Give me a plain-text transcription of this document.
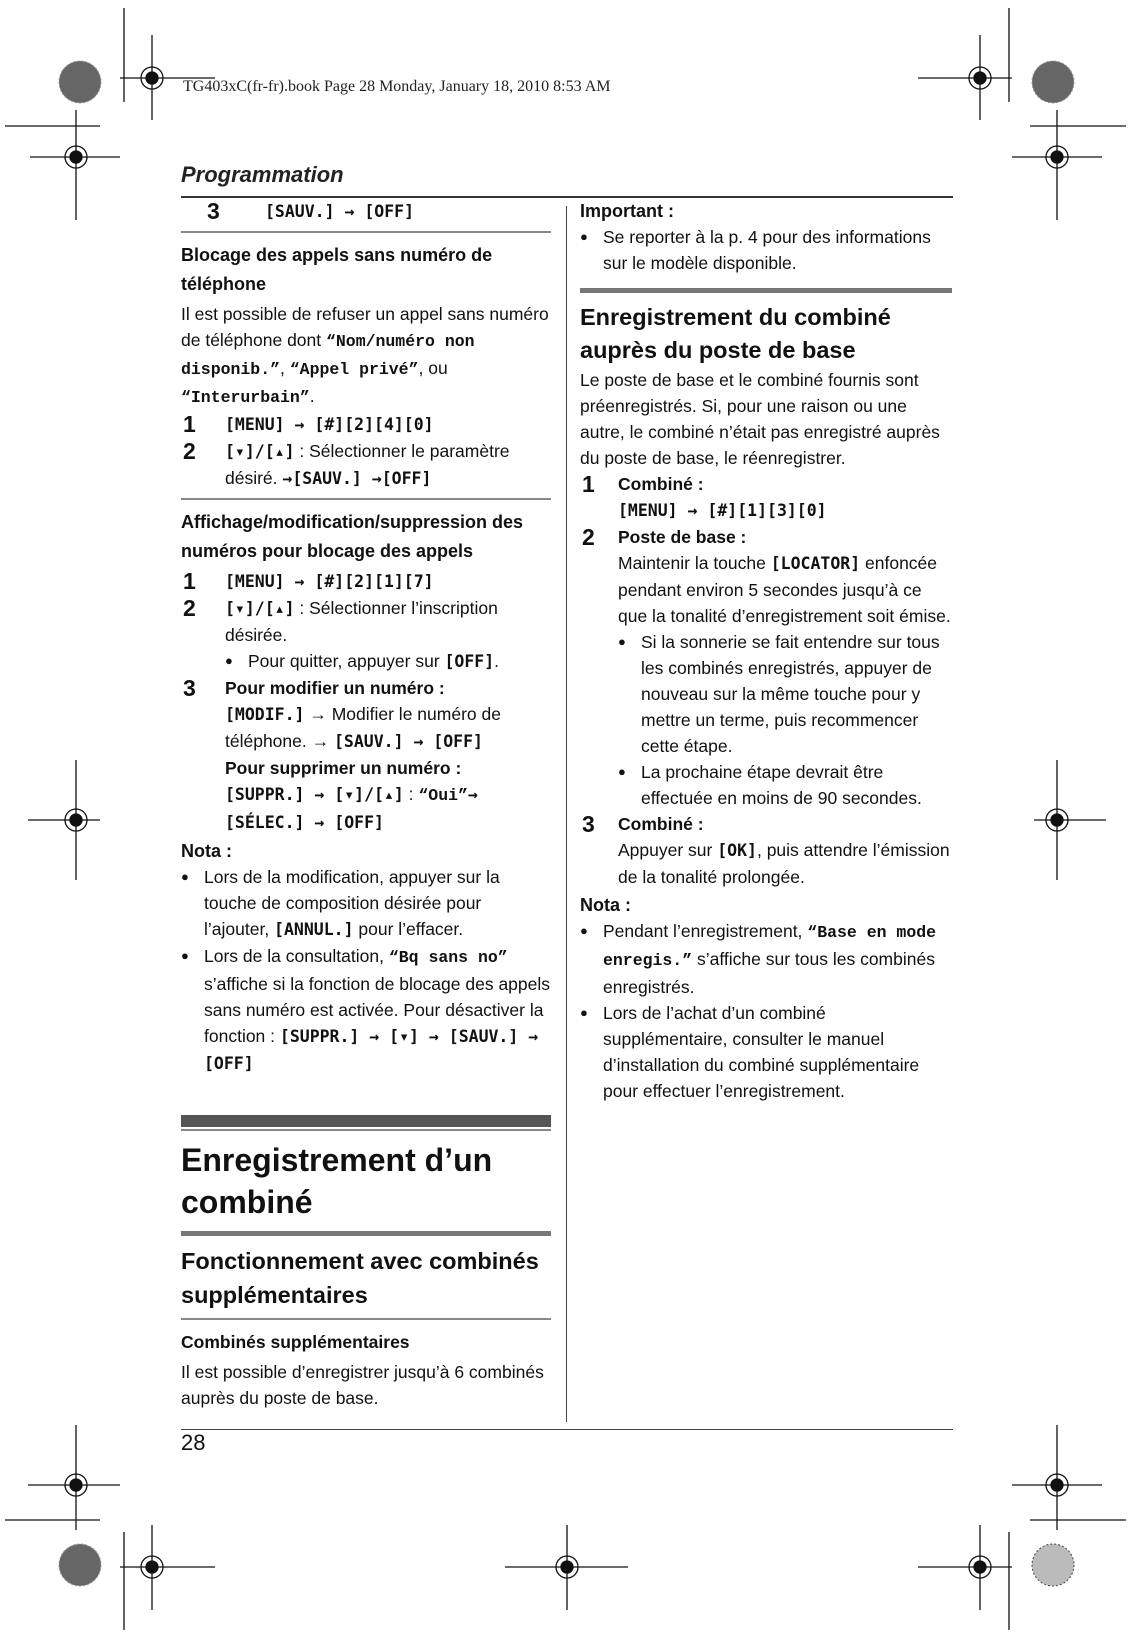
TG403xC(fr-fr).book Page 28 Monday, January 18, 2010 8:53 AM
Programmation
3	[SAUV.] → [OFF]
Blocage des appels sans numéro de téléphone

Il est possible de refuser un appel sans numéro de téléphone dont “Nom/numéro non disponib.”, “Appel privé”, ou “Interurbain”.

1	[MENU] → [#][2][4][0]
2	[▾]/[▴] : Sélectionner le paramètre désiré. →[SAUV.] →[OFF]
Affichage/modification/suppression des numéros pour blocage des appels
1	[MENU] → [#][2][1][7]
2	[▾]/[▴] : Sélectionner l’inscription désirée.
● Pour quitter, appuyer sur [OFF].
3	Pour modifier un numéro :
[MODIF.] → Modifier le numéro de téléphone. → [SAUV.] → [OFF]
Pour supprimer un numéro :
[SUPPR.] → [▾]/[▴] : “Oui”→ [SÉLEC.] → [OFF]
Nota :
● Lors de la modification, appuyer sur la touche de composition désirée pour l’ajouter, [ANNUL.] pour l’effacer.
● Lors de la consultation, “Bq sans no” s’affiche si la fonction de blocage des appels sans numéro est activée. Pour désactiver la fonction : [SUPPR.] → [▾] → [SAUV.] → [OFF]
Enregistrement d’un combiné
Fonctionnement avec combinés supplémentaires
Combinés supplémentaires

Il est possible d’enregistrer jusqu’à 6 combinés auprès du poste de base.

Important :
● Se reporter à la p. 4 pour des informations sur le modèle disponible.
Enregistrement du combiné auprès du poste de base

Le poste de base et le combiné fournis sont préenregistrés. Si, pour une raison ou une autre, le combiné n’était pas enregistré auprès du poste de base, le réenregistrer.

1	Combiné :
[MENU] → [#][1][3][0]
2	Poste de base :
Maintenir la touche [LOCATOR] enfoncée pendant environ 5 secondes jusqu’à ce que la tonalité d’enregistrement soit émise.
● Si la sonnerie se fait entendre sur tous les combinés enregistrés, appuyer de nouveau sur la même touche pour y mettre un terme, puis recommencer cette étape.
● La prochaine étape devrait être effectuée en moins de 90 secondes.
3	Combiné :
Appuyer sur [OK], puis attendre l’émission de la tonalité prolongée.
Nota :
● Pendant l’enregistrement, “Base en mode enregis.” s’affiche sur tous les combinés enregistrés.
● Lors de l’achat d’un combiné supplémentaire, consulter le manuel d’installation du combiné supplémentaire pour effectuer l’enregistrement.
28
